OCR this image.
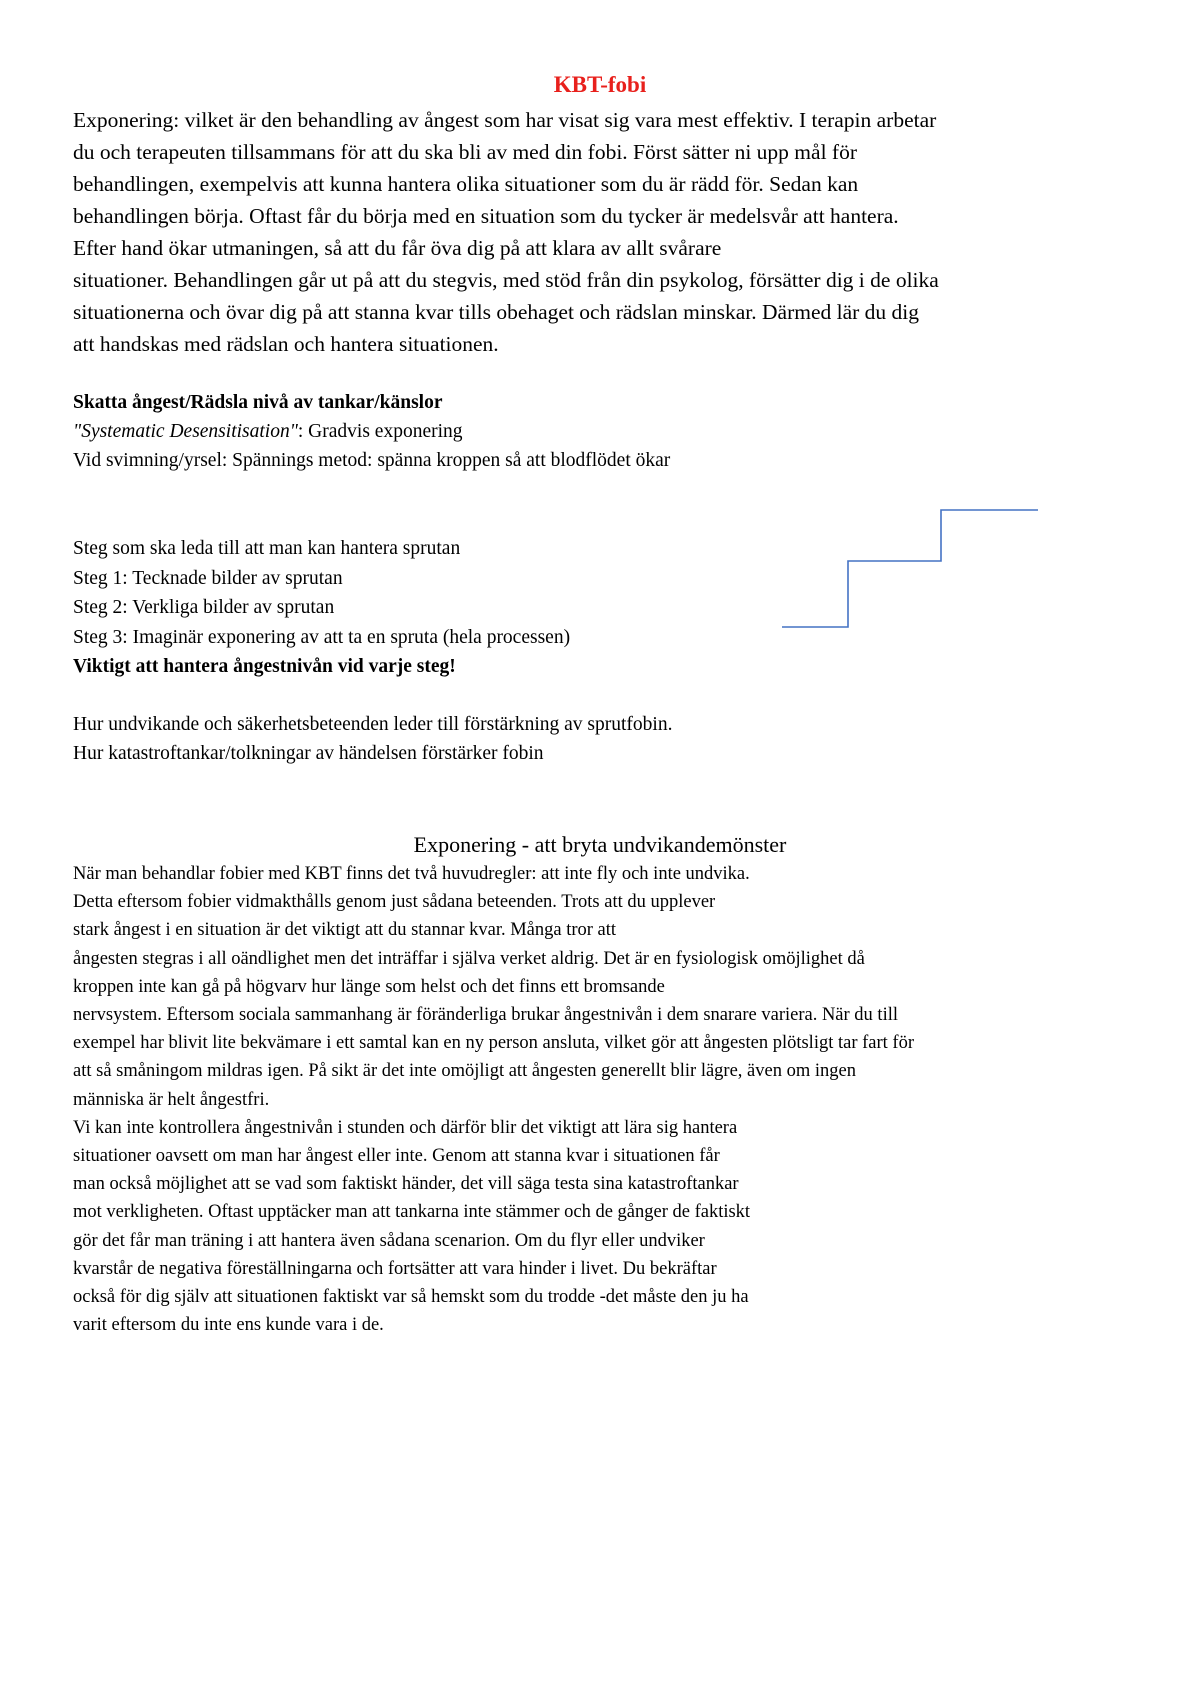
KBT-fobi

Exponering: vilket är den behandling av ångest som har visat sig vara mest effektiv. I terapin arbetar

du och terapeuten tillsammans för att du ska bli av med din fobi. Först sätter ni upp mål för

behandlingen, exempelvis att kunna hantera olika situationer som du är rädd för. Sedan kan

behandlingen börja. Oftast får du börja med en situation som du tycker är medelsvår att hantera.

Efter hand ökar utmaningen, så att du får öva dig på att klara av allt svårare

situationer. Behandlingen går ut på att du stegvis, med stöd från din psykolog, försätter dig i de olika

situationerna och övar dig på att stanna kvar tills obehaget och rädslan minskar. Därmed lär du dig

att handskas med rädslan och hantera situationen.

Skatta ångest/Rädsla nivå av tankar/känslor

"Systematic Desensitisation": Gradvis exponering

Vid svimning/yrsel: Spännings metod: spänna kroppen så att blodflödet ökar

Steg som ska leda till att man kan hantera sprutan

Steg 1: Tecknade bilder av sprutan

Steg 2: Verkliga bilder av sprutan

Steg 3: Imaginär exponering av att ta en spruta (hela processen)

Viktigt att hantera ångestnivån vid varje steg!

Hur undvikande och säkerhetsbeteenden leder till förstärkning av sprutfobin.

Hur katastroftankar/tolkningar av händelsen förstärker fobin

Exponering - att bryta undvikandemönster

När man behandlar fobier med KBT finns det två huvudregler: att inte fly och inte undvika.

Detta eftersom fobier vidmakthålls genom just sådana beteenden. Trots att du upplever

stark ångest i en situation är det viktigt att du stannar kvar. Många tror att

ångesten stegras i all oändlighet men det inträffar i själva verket aldrig. Det är en fysiologisk omöjlighet då

kroppen inte kan gå på högvarv hur länge som helst och det finns ett bromsande

nervsystem. Eftersom sociala sammanhang är föränderliga brukar ångestnivån i dem snarare variera. När du till

exempel har blivit lite bekvämare i ett samtal kan en ny person ansluta, vilket gör att ångesten plötsligt tar fart för

att så småningom mildras igen. På sikt är det inte omöjligt att ångesten generellt blir lägre, även om ingen

människa är helt ångestfri.

Vi kan inte kontrollera ångestnivån i stunden och därför blir det viktigt att lära sig hantera

situationer oavsett om man har ångest eller inte. Genom att stanna kvar i situationen får

man också möjlighet att se vad som faktiskt händer, det vill säga testa sina katastroftankar

mot verkligheten. Oftast upptäcker man att tankarna inte stämmer och de gånger de faktiskt

gör det får man träning i att hantera även sådana scenarion. Om du flyr eller undviker

kvarstår de negativa föreställningarna och fortsätter att vara hinder i livet. Du bekräftar

också för dig själv att situationen faktiskt var så hemskt som du trodde -det måste den ju ha

varit eftersom du inte ens kunde vara i de.
